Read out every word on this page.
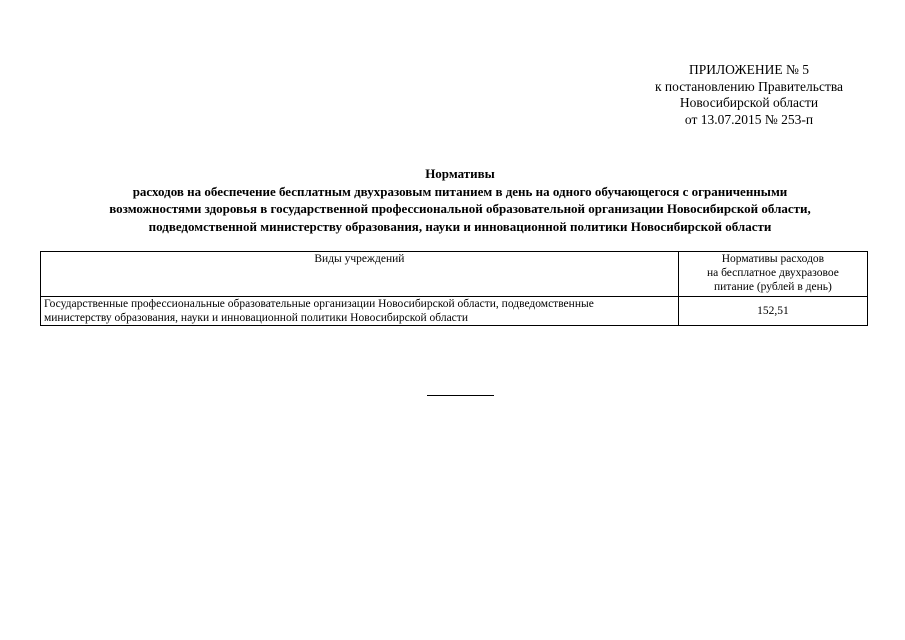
ПРИЛОЖЕНИЕ № 5
к постановлению Правительства
Новосибирской области
от 13.07.2015 № 253-п
Нормативы
расходов на обеспечение бесплатным двухразовым питанием в день на одного обучающегося с ограниченными
возможностями здоровья в государственной профессиональной образовательной организации Новосибирской области,
подведомственной министерству образования, науки и инновационной политики Новосибирской области
Виды учреждений	Нормативы расходов
на бесплатное двухразовое
питание (рублей в день)

Государственные профессиональные образовательные организации Новосибирской области, подведомственные
министерству образования, науки и инновационной политики Новосибирской области	152,51
